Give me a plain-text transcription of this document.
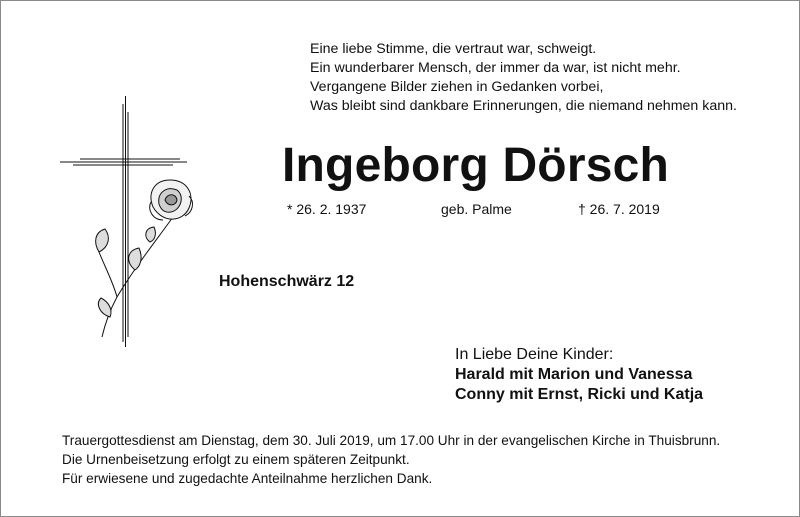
Eine liebe Stimme, die vertraut war, schweigt.
Ein wunderbarer Mensch, der immer da war, ist nicht mehr.
Vergangene Bilder ziehen in Gedanken vorbei,
Was bleibt sind dankbare Erinnerungen, die niemand nehmen kann.
Ingeborg Dörsch
* 26. 2. 1937	geb. Palme	† 26. 7. 2019
Hohenschwärz 12
In Liebe Deine Kinder:
Harald mit Marion und Vanessa
Conny mit Ernst, Ricki und Katja
Trauergottesdienst am Dienstag, dem 30. Juli 2019, um 17.00 Uhr in der evangelischen Kirche in Thuisbrunn.
Die Urnenbeisetzung erfolgt zu einem späteren Zeitpunkt.
Für erwiesene und zugedachte Anteilnahme herzlichen Dank.
